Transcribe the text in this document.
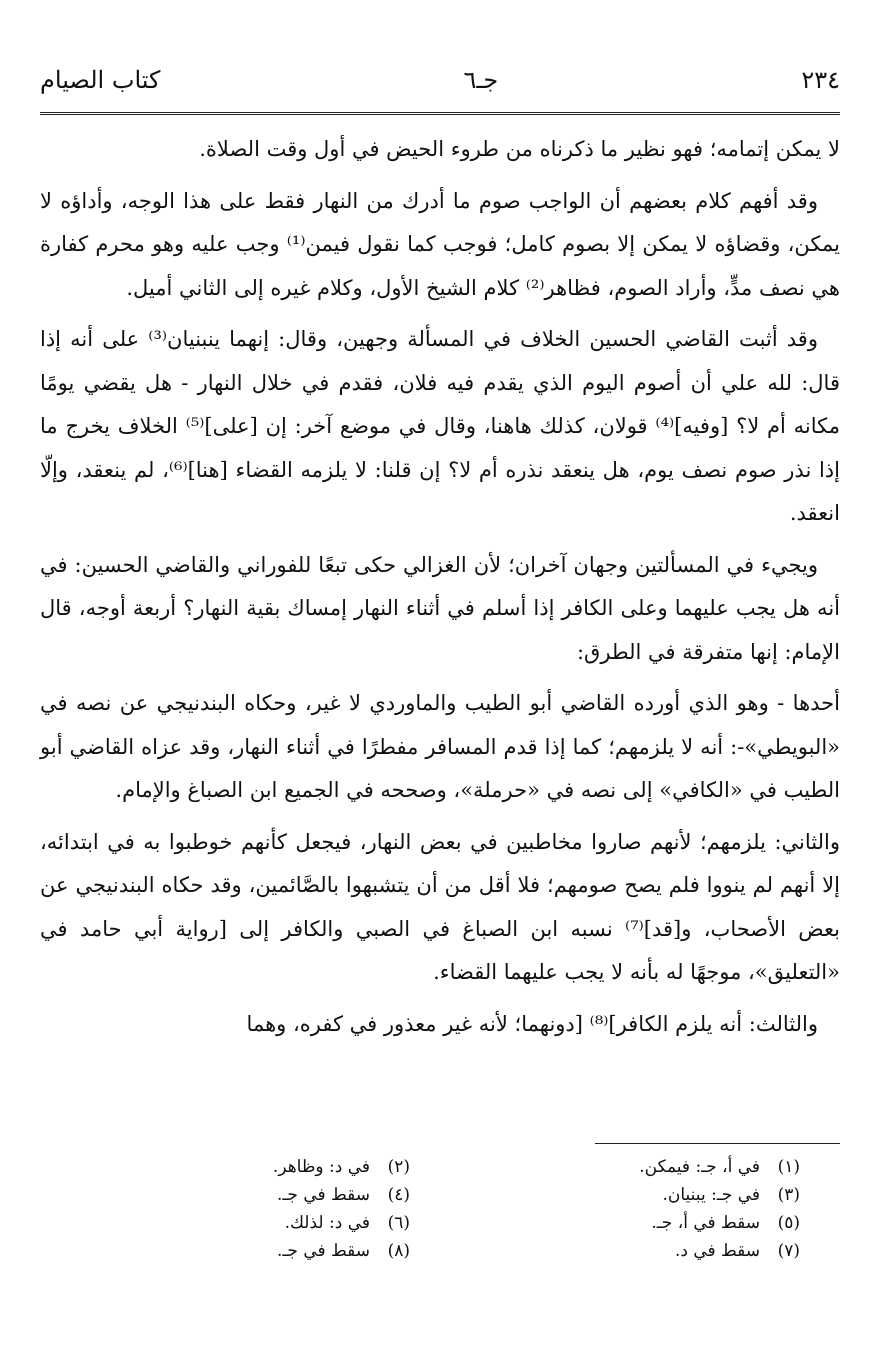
٢٣٤
جـ٦
كتاب الصيام

لا يمكن إتمامه؛ فهو نظير ما ذكرناه من طروء الحيض في أول وقت الصلاة.

وقد أفهم كلام بعضهم أن الواجب صوم ما أدرك من النهار فقط على هذا الوجه، وأداؤه لا يمكن، وقضاؤه لا يمكن إلا بصوم كامل؛ فوجب كما نقول فيمن⁽¹⁾ وجب عليه وهو محرم كفارة هي نصف مدٍّ، وأراد الصوم، فظاهر⁽²⁾ كلام الشيخ الأول، وكلام غيره إلى الثاني أميل.

وقد أثبت القاضي الحسين الخلاف في المسألة وجهين، وقال: إنهما ينبنيان⁽³⁾ على أنه إذا قال: لله علي أن أصوم اليوم الذي يقدم فيه فلان، فقدم في خلال النهار - هل يقضي يومًا مكانه أم لا؟ [وفيه]⁽⁴⁾ قولان، كذلك هاهنا، وقال في موضع آخر: إن [على]⁽⁵⁾ الخلاف يخرج ما إذا نذر صوم نصف يوم، هل ينعقد نذره أم لا؟ إن قلنا: لا يلزمه القضاء [هنا]⁽⁶⁾، لم ينعقد، وإلّا انعقد.

ويجيء في المسألتين وجهان آخران؛ لأن الغزالي حكى تبعًا للفوراني والقاضي الحسين: في أنه هل يجب عليهما وعلى الكافر إذا أسلم في أثناء النهار إمساك بقية النهار؟ أربعة أوجه، قال الإمام: إنها متفرقة في الطرق:

أحدها - وهو الذي أورده القاضي أبو الطيب والماوردي لا غير، وحكاه البندنيجي عن نصه في «البويطي»-: أنه لا يلزمهم؛ كما إذا قدم المسافر مفطرًا في أثناء النهار، وقد عزاه القاضي أبو الطيب في «الكافي» إلى نصه في «حرملة»، وصححه في الجميع ابن الصباغ والإمام.

والثاني: يلزمهم؛ لأنهم صاروا مخاطبين في بعض النهار، فيجعل كأنهم خوطبوا به في ابتدائه، إلا أنهم لم ينووا فلم يصح صومهم؛ فلا أقل من أن يتشبهوا بالصَّائمين، وقد حكاه البندنيجي عن بعض الأصحاب، و[قد]⁽⁷⁾ نسبه ابن الصباغ في الصبي والكافر إلى [رواية أبي حامد في «التعليق»، موجهًا له بأنه لا يجب عليهما القضاء.

والثالث: أنه يلزم الكافر]⁽⁸⁾ [دونهما؛ لأنه غير معذور في كفره، وهما

(١)في أ، جـ: فيمكن.
(٢)في د: وظاهر.
(٣)في جـ: يبنيان.
(٤)سقط في جـ.
(٥)سقط في أ، جـ.
(٦)في د: لذلك.
(٧)سقط في د.
(٨)سقط في جـ.
